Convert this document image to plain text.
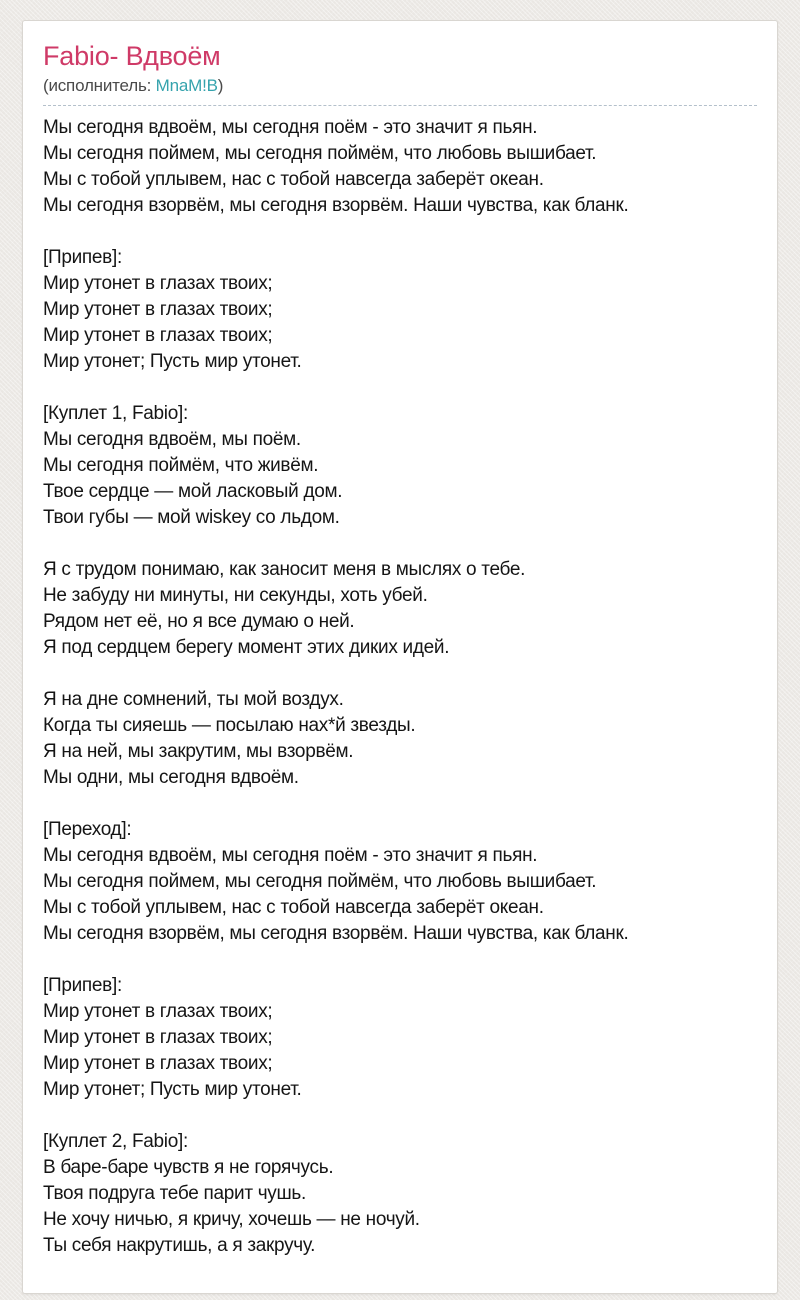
Fabio- Вдвоём
(исполнитель: MnaM!B)
Мы сегодня вдвоём, мы сегодня поём - это значит я пьян.
Мы сегодня поймем, мы сегодня поймём, что любовь вышибает.
Мы с тобой уплывем, нас с тобой навсегда заберёт океан.
Мы сегодня взорвём, мы сегодня взорвём. Наши чувства, как бланк.
[Припев]:
Мир утонет в глазах твоих;
Мир утонет в глазах твоих;
Мир утонет в глазах твоих;
Мир утонет; Пусть мир утонет.
[Куплет 1, Fabio]:
Мы сегодня вдвоём, мы поём.
Мы сегодня поймём, что живём.
Твое сердце — мой ласковый дом.
Твои губы — мой wiskey со льдом.
Я с трудом понимаю, как заносит меня в мыслях о тебе.
Не забуду ни минуты, ни секунды, хоть убей.
Рядом нет её, но я все думаю о ней.
Я под сердцем берегу момент этих диких идей.
Я на дне сомнений, ты мой воздух.
Когда ты сияешь — посылаю нах*й звезды.
Я на ней, мы закрутим, мы взорвём.
Мы одни, мы сегодня вдвоём.
[Переход]:
Мы сегодня вдвоём, мы сегодня поём - это значит я пьян.
Мы сегодня поймем, мы сегодня поймём, что любовь вышибает.
Мы с тобой уплывем, нас с тобой навсегда заберёт океан.
Мы сегодня взорвём, мы сегодня взорвём. Наши чувства, как бланк.
[Припев]:
Мир утонет в глазах твоих;
Мир утонет в глазах твоих;
Мир утонет в глазах твоих;
Мир утонет; Пусть мир утонет.
[Куплет 2, Fabio]:
В баре-баре чувств я не горячусь.
Твоя подруга тебе парит чушь.
Не хочу ничью, я кричу, хочешь — не ночуй.
Ты себя накрутишь, а я закручу.
